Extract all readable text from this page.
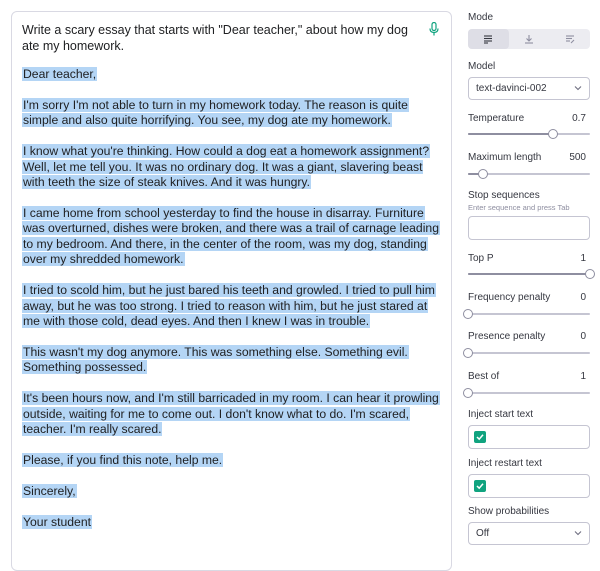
Write a scary essay that starts with "Dear teacher," about how my dog ate my homework.

Dear teacher,

I'm sorry I'm not able to turn in my homework today. The reason is quite simple and also quite horrifying. You see, my dog ate my homework.

I know what you're thinking. How could a dog eat a homework assignment? Well, let me tell you. It was no ordinary dog. It was a giant, slavering beast with teeth the size of steak knives. And it was hungry.

I came home from school yesterday to find the house in disarray. Furniture was overturned, dishes were broken, and there was a trail of carnage leading to my bedroom. And there, in the center of the room, was my dog, standing over my shredded homework.

I tried to scold him, but he just bared his teeth and growled. I tried to pull him away, but he was too strong. I tried to reason with him, but he just stared at me with those cold, dead eyes. And then I knew I was in trouble.

This wasn't my dog anymore. This was something else. Something evil. Something possessed.

It's been hours now, and I'm still barricaded in my room. I can hear it prowling outside, waiting for me to come out. I don't know what to do. I'm scared, teacher. I'm really scared.

Please, if you find this note, help me.

Sincerely,

Your student

Mode
Model
text-davinci-002
Temperature	0.7
Maximum length	500
Stop sequences
Enter sequence and press Tab
Top P	1
Frequency penalty	0
Presence penalty	0
Best of	1
Inject start text
Inject restart text
Show probabilities
Off
